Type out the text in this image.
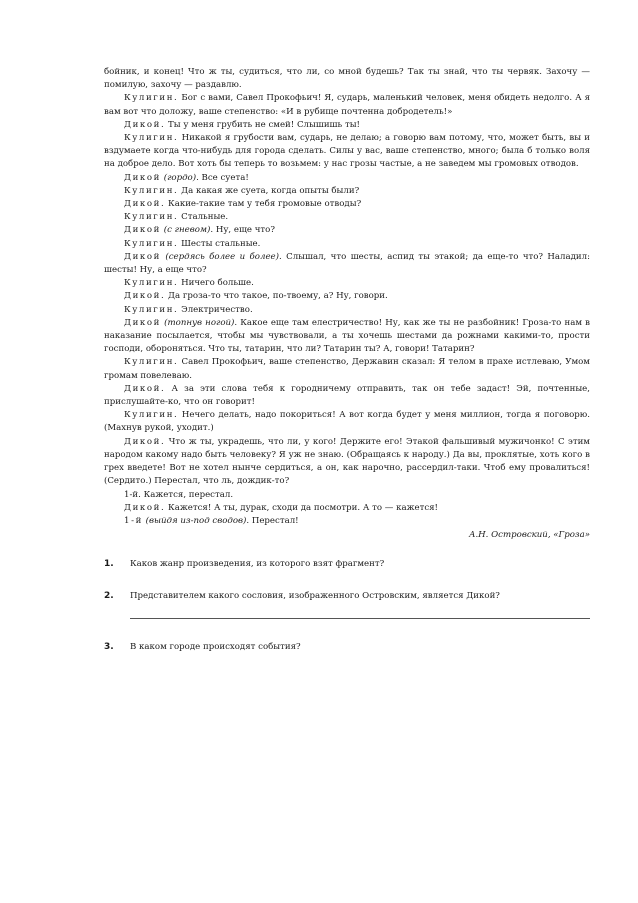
бойник, и конец! Что ж ты, судиться, что ли, со мной будешь? Так ты знай, что ты червяк. Захочу — помилую, захочу — раздавлю.

Кулигин. Бог с вами, Савел Прокофьич! Я, сударь, маленький человек, меня обидеть недолго. А я вам вот что доложу, ваше степенство: «И в рубище почтенна добродетель!»

Дикой. Ты у меня грубить не смей! Слышишь ты!

Кулигин. Никакой я грубости вам, сударь, не делаю; а говорю вам потому, что, может быть, вы и вздумаете когда что-нибудь для города сделать. Силы у вас, ваше степенство, много; была б только воля на доброе дело. Вот хоть бы теперь то возьмем: у нас грозы частые, а не заведем мы громовых отводов.

Дикой (гордо). Все суета!

Кулигин. Да какая же суета, когда опыты были?

Дикой. Какие-такие там у тебя громовые отводы?

Кулигин. Стальные.

Дикой (с гневом). Ну, еще что?

Кулигин. Шесты стальные.

Дикой (сердясь более и более). Слышал, что шесты, аспид ты этакой; да еще-то что? Наладил: шесты! Ну, а еще что?

Кулигин. Ничего больше.

Дикой. Да гроза-то что такое, по-твоему, а? Ну, говори.

Кулигин. Электричество.

Дикой (топнув ногой). Какое еще там елестричество! Ну, как же ты не разбойник! Гроза-то нам в наказание посылается, чтобы мы чувствовали, а ты хочешь шестами да рожнами какими-то, прости господи, обороняться. Что ты, татарин, что ли? Татарин ты? А, говори! Татарин?

Кулигин. Савел Прокофьич, ваше степенство, Державин сказал: Я телом в прахе истлеваю, Умом громам повелеваю.

Дикой. А за эти слова тебя к городничему отправить, так он тебе задаст! Эй, почтенные, прислушайте-ко, что он говорит!

Кулигин. Нечего делать, надо покориться! А вот когда будет у меня миллион, тогда я поговорю. (Махнув рукой, уходит.)

Дикой. Что ж ты, украдешь, что ли, у кого! Держите его! Этакой фальшивый мужичонко! С этим народом какому надо быть человеку? Я уж не знаю. (Обращаясь к народу.) Да вы, проклятые, хоть кого в грех введете! Вот не хотел нынче сердиться, а он, как нарочно, рассердил-таки. Чтоб ему провалиться! (Сердито.) Перестал, что ль, дождик-то?

1-й. Кажется, перестал.

Дикой. Кажется! А ты, дурак, сходи да посмотри. А то — кажется!

1-й (выйдя из-под сводов). Перестал!

А.Н. Островский, «Гроза»
1.	Каков жанр произведения, из которого взят фрагмент?
2.	Представителем какого сословия, изображенного Островским, является Дикой?
3.	В каком городе происходят события?
